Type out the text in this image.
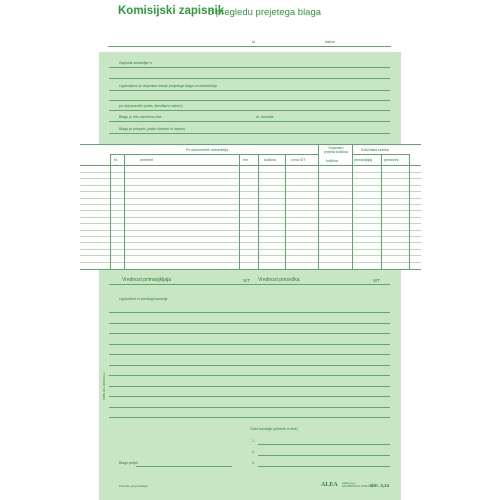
Komisijski zapisnik
o pregledu prejetega blaga
št.	datum
Zapisnik sestavljen v
Ugotovljeno je dejansko stanje prejetega blaga od dobavitelja
po dokumentih (vrsta, številka in datum)
Blago je bilo naročeno dne	št. naročila
Blago je prispelo (način dobave in datum)
Po dokumentih dobavitelja	Dejansko prejeta količina	Količinska razlika
št.	predmet	em	količina	cena SIT	količina	primanjkljaj	presežek
Vrednost primanjkljaja	SIT Vrednost presežka	SIT
Ugotovitve in predlogi komisije
Člani komisije (priimek in ime)
1.
2.
Blago prejel	3.
Pomaže preprosteljen	ALEA ALEA d.o.o.
ZALOŽNIŠTVO TISKOVIN
Obr. 3,14
ISBN 961-6000-93-3
